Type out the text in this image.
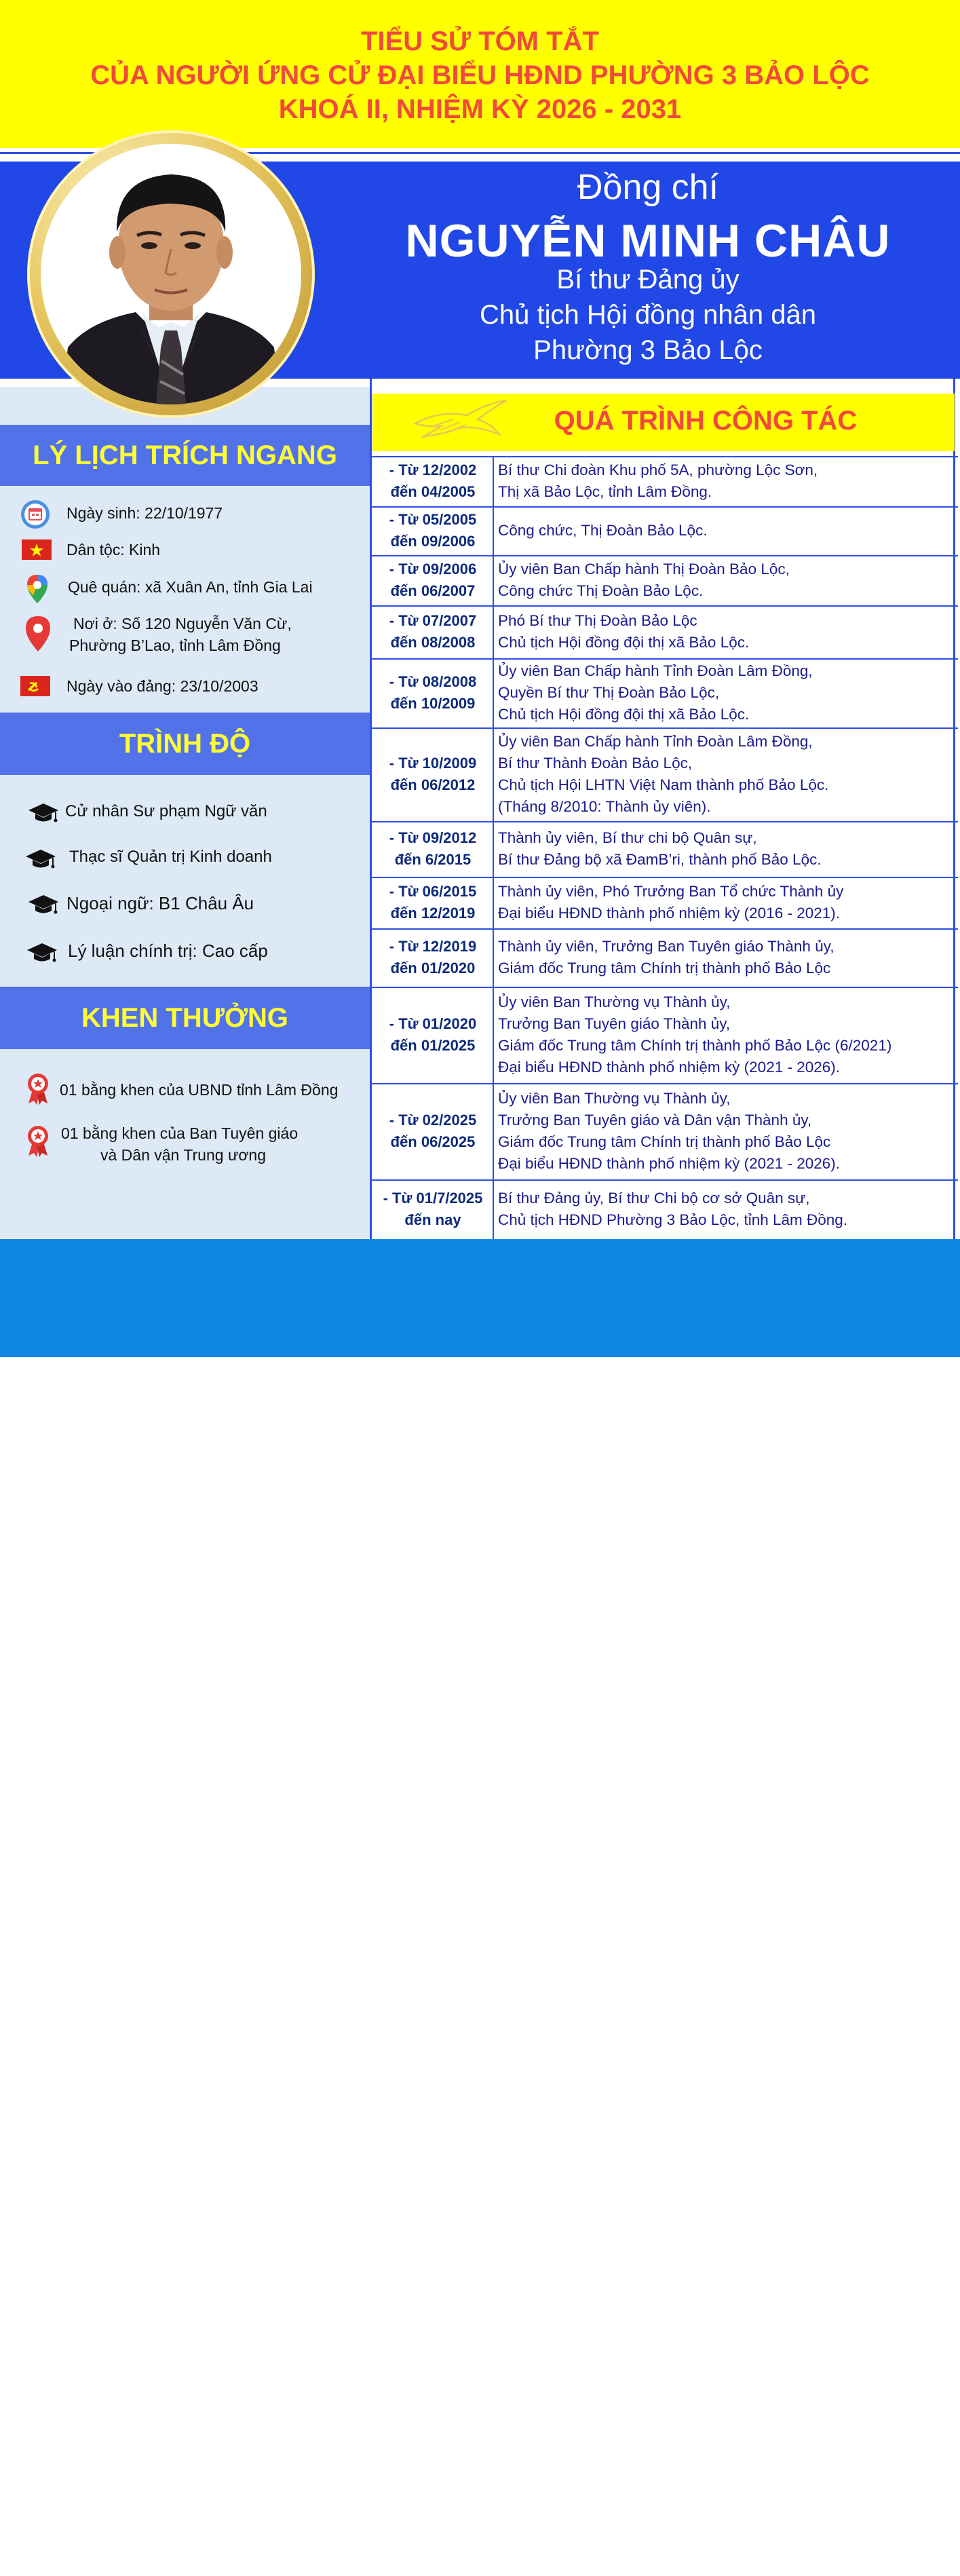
TIỂU SỬ TÓM TẮT
CỦA NGƯỜI ỨNG CỬ ĐẠI BIỂU HĐND PHƯỜNG 3 BẢO LỘC
KHOÁ II, NHIỆM KỲ 2026 - 2031
Đồng chí
NGUYỄN MINH CHÂU
Bí thư Đảng ủy
Chủ tịch Hội đồng nhân dân
Phường 3 Bảo Lộc
LÝ LỊCH TRÍCH NGANG
Ngày sinh: 22/10/1977
Dân tộc: Kinh
Quê quán: xã Xuân An, tỉnh Gia Lai
Nơi ở: Số 120 Nguyễn Văn Cừ,
Phường B’Lao, tỉnh Lâm Đồng
Ngày vào đảng: 23/10/2003
TRÌNH ĐỘ
Cử nhân Sư phạm Ngữ văn
Thạc sĩ Quản trị Kinh doanh
Ngoại ngữ: B1 Châu Âu
Lý luận chính trị: Cao cấp
KHEN THƯỞNG
01 bằng khen của UBND tỉnh Lâm Đồng
01 bằng khen của Ban Tuyên giáo
và Dân vận Trung ương
QUÁ TRÌNH CÔNG TÁC
- Từ 12/2002
đến 04/2005
Bí thư Chi đoàn Khu phố 5A, phường Lộc Sơn,
Thị xã Bảo Lộc, tỉnh Lâm Đồng.
- Từ 05/2005
đến 09/2006
Công chức, Thị Đoàn Bảo Lộc.
- Từ 09/2006
đến 06/2007
Ủy viên Ban Chấp hành Thị Đoàn Bảo Lộc,
Công chức Thị Đoàn Bảo Lộc.
- Từ 07/2007
đến 08/2008
Phó Bí thư Thị Đoàn Bảo Lộc
Chủ tịch Hội đồng đội thị xã Bảo Lộc.
- Từ 08/2008
đến 10/2009
Ủy viên Ban Chấp hành Tỉnh Đoàn Lâm Đồng,
Quyền Bí thư Thị Đoàn Bảo Lộc,
Chủ tịch Hội đồng đội thị xã Bảo Lộc.
- Từ 10/2009
đến 06/2012
Ủy viên Ban Chấp hành Tỉnh Đoàn Lâm Đồng,
Bí thư Thành Đoàn Bảo Lộc,
Chủ tịch Hội LHTN Việt Nam thành phố Bảo Lộc.
(Tháng 8/2010: Thành ủy viên).
- Từ 09/2012
đến 6/2015
Thành ủy viên, Bí thư chi bộ Quân sự,
Bí thư Đảng bộ xã ĐamB’ri, thành phố Bảo Lộc.
- Từ 06/2015
đến 12/2019
Thành ủy viên, Phó Trưởng Ban Tổ chức Thành ủy
Đại biểu HĐND thành phố nhiệm kỳ (2016 - 2021).
- Từ 12/2019
đến 01/2020
Thành ủy viên, Trưởng Ban Tuyên giáo Thành ủy,
Giám đốc Trung tâm Chính trị thành phố Bảo Lộc
- Từ 01/2020
đến 01/2025
Ủy viên Ban Thường vụ Thành ủy,
Trưởng Ban Tuyên giáo Thành ủy,
Giám đốc Trung tâm Chính trị thành phố Bảo Lộc (6/2021)
Đại biểu HĐND thành phố nhiệm kỳ (2021 - 2026).
- Từ 02/2025
đến 06/2025
Ủy viên Ban Thường vụ Thành ủy,
Trưởng Ban Tuyên giáo và Dân vận Thành ủy,
Giám đốc Trung tâm Chính trị thành phố Bảo Lộc
Đại biểu HĐND thành phố nhiệm kỳ (2021 - 2026).
- Từ 01/7/2025
đến nay
Bí thư Đảng ủy, Bí thư Chi bộ cơ sở Quân sự,
Chủ tịch HĐND Phường 3 Bảo Lộc, tỉnh Lâm Đồng.
Đơn vị bầu cử số 02
Gồm các Tổ dân phố: TDP 1B, TDP 2, TDP 7, TDP 3A và TDP 3B
